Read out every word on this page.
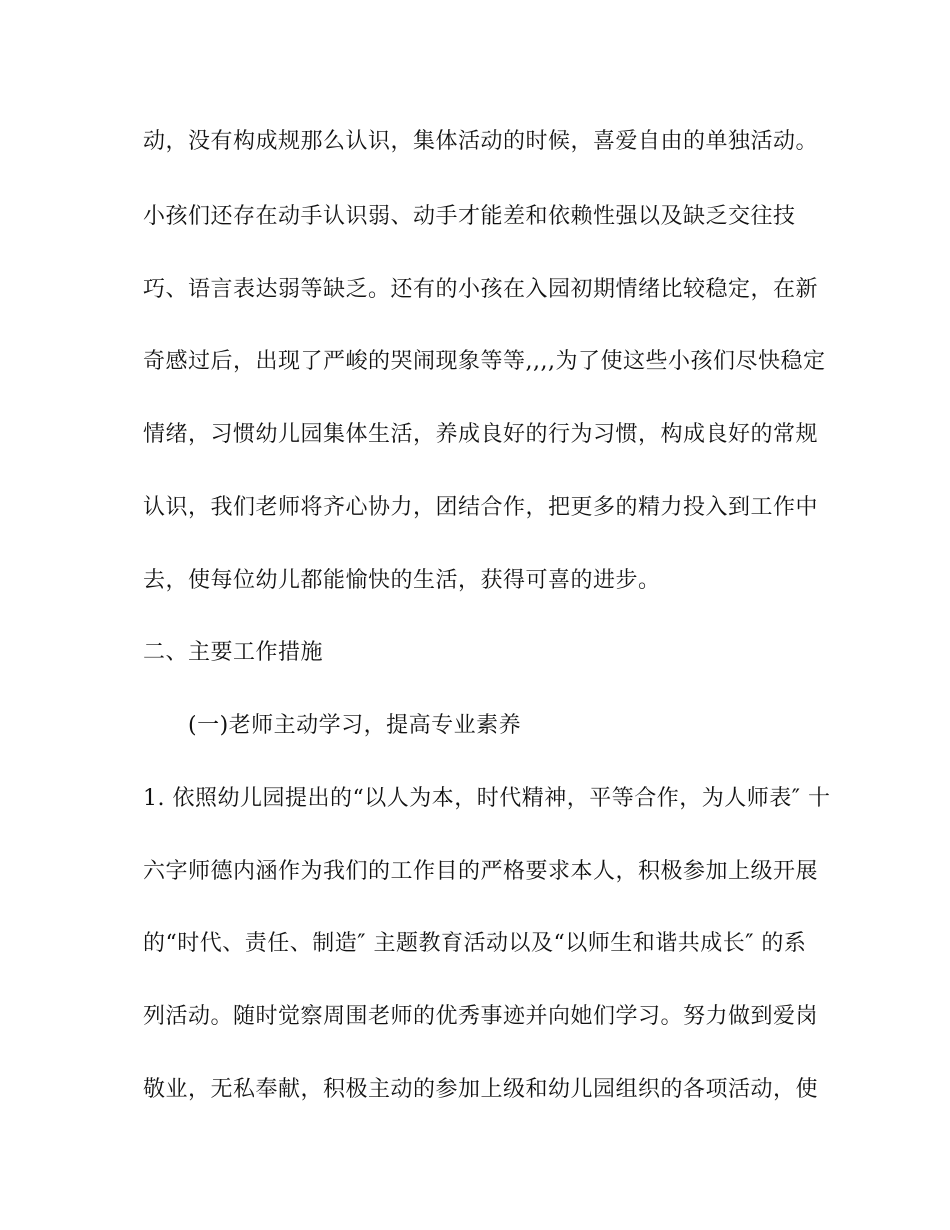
动，没有构成规那么认识，集体活动的时候，喜爱自由的单独活动。
小孩们还存在动手认识弱、动手才能差和依赖性强以及缺乏交往技
巧、语言表达弱等缺乏。还有的小孩在入园初期情绪比较稳定，在新
奇感过后，出现了严峻的哭闹现象等等,,,,为了使这些小孩们尽快稳定
情绪，习惯幼儿园集体生活，养成良好的行为习惯，构成良好的常规
认识，我们老师将齐心协力，团结合作，把更多的精力投入到工作中
去，使每位幼儿都能愉快的生活，获得可喜的进步。
二、主要工作措施
(一)老师主动学习，提高专业素养
1. 依照幼儿园提出的“以人为本，时代精神，平等合作，为人师表″ 十
六字师德内涵作为我们的工作目的严格要求本人，积极参加上级开展
的“时代、责任、制造″ 主题教育活动以及“以师生和谐共成长″ 的系
列活动。随时觉察周围老师的优秀事迹并向她们学习。努力做到爱岗
敬业，无私奉献，积极主动的参加上级和幼儿园组织的各项活动，使
